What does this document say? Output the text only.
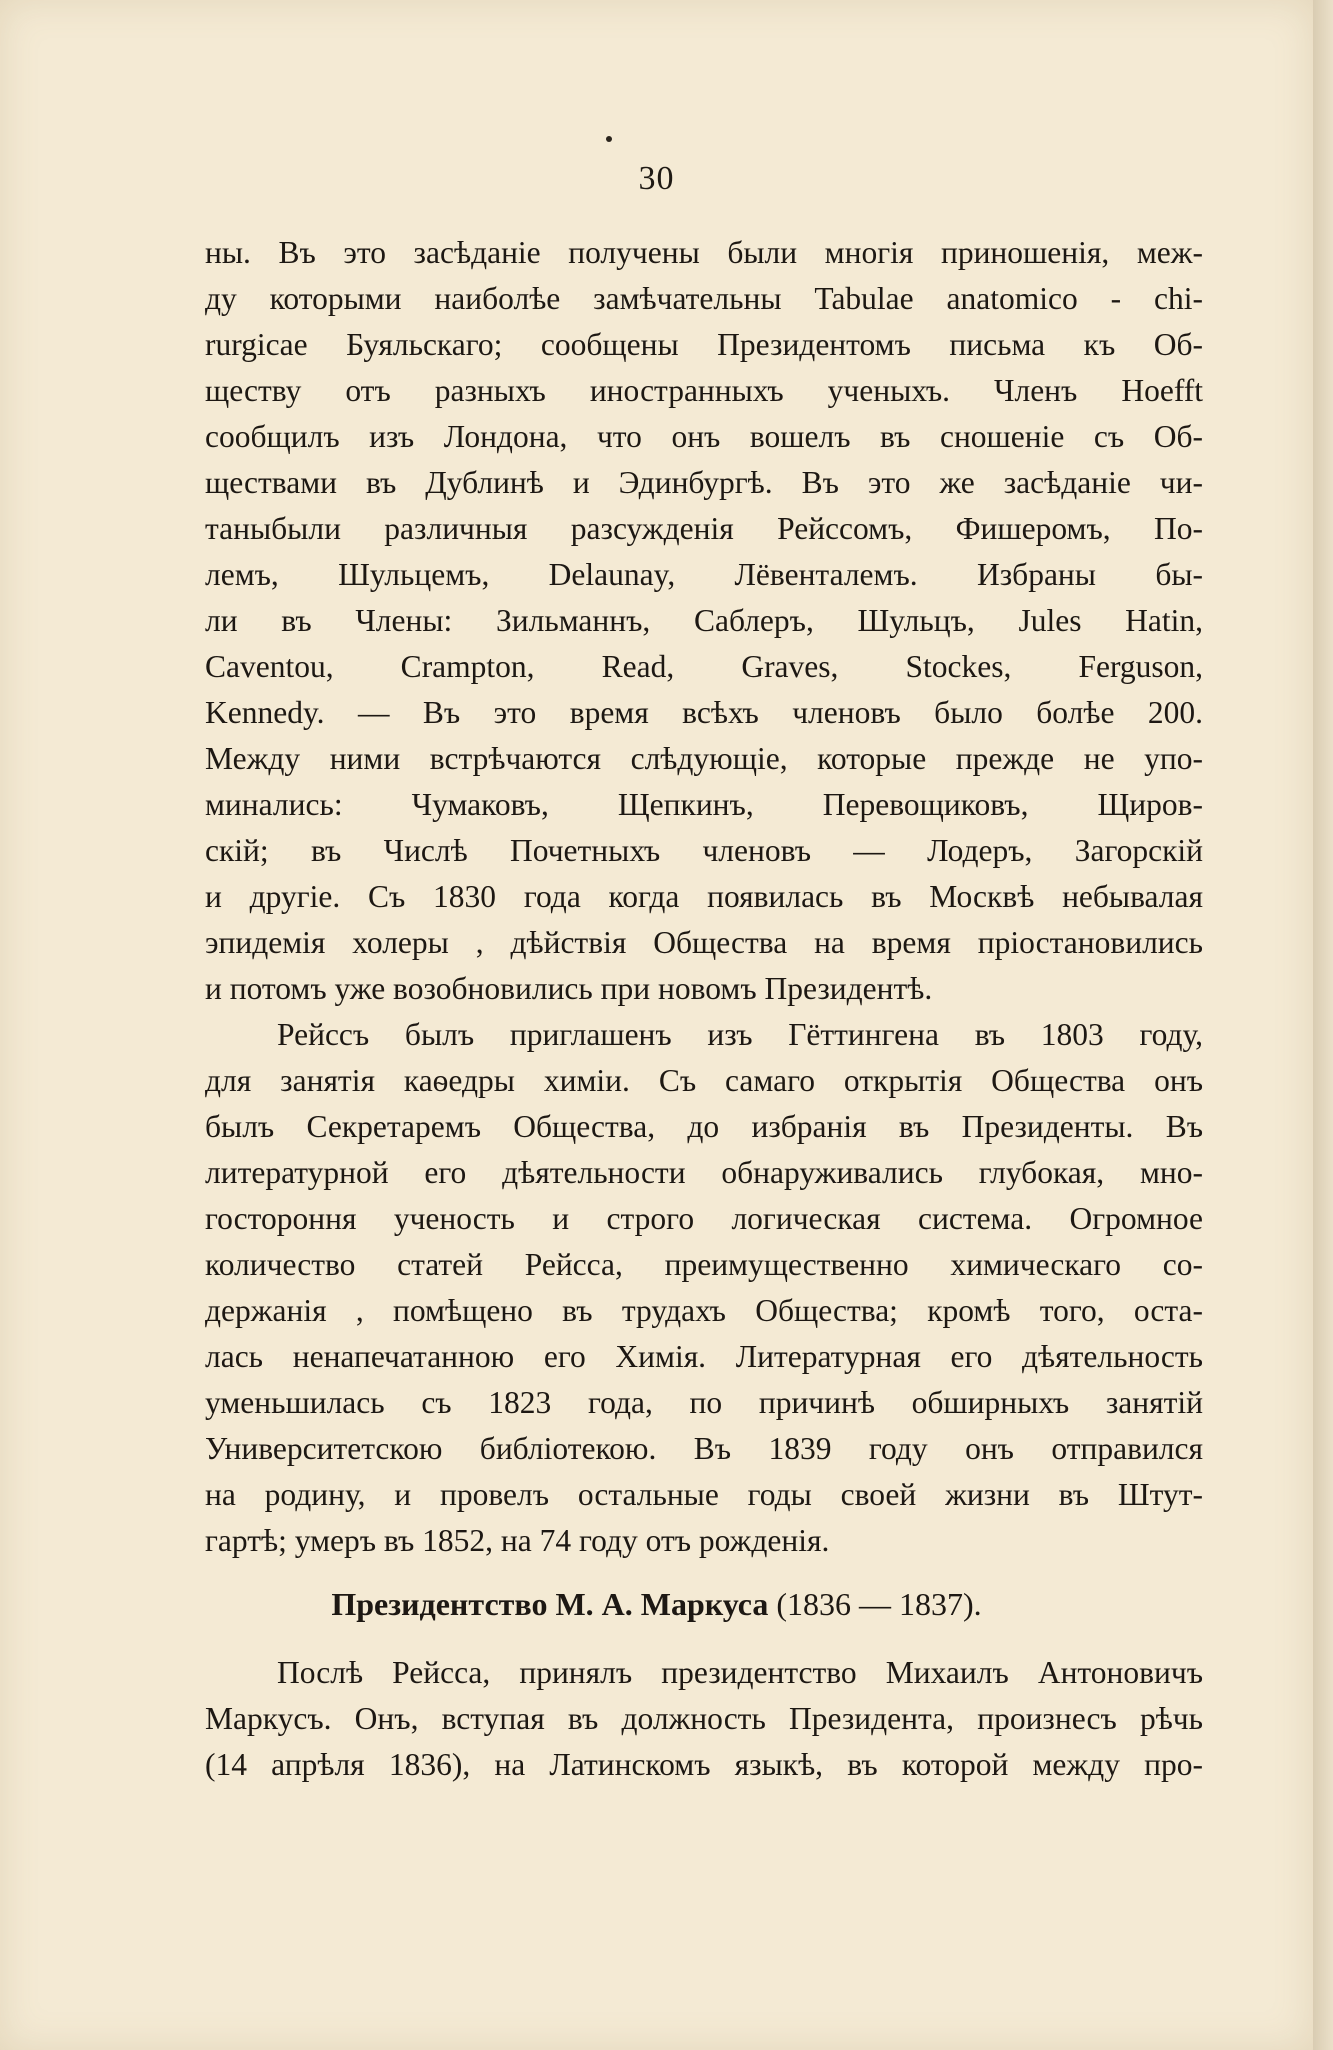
30
ны. Въ это засѣданіе получены были многія приношенія, меж-
ду которыми наиболѣе замѣчательны Tabulae anatomico - chi-
rurgicae Буяльскаго; сообщены Президентомъ письма къ Об-
ществу отъ разныхъ иностранныхъ ученыхъ. Членъ Hoefft
сообщилъ изъ Лондона, что онъ вошелъ въ сношеніе съ Об-
ществами въ Дублинѣ и Эдинбургѣ. Въ это же засѣданіе чи-
таныбыли различныя разсужденія Рейссомъ, Фишеромъ, По-
лемъ, Шульцемъ, Delaunay, Лёвенталемъ. Избраны бы-
ли въ Члены: Зильманнъ, Саблеръ, Шульцъ, Jules Hatin,
Caventou, Crampton, Read, Graves, Stockes, Ferguson,
Kennedy. — Въ это время всѣхъ членовъ было болѣе 200.
Между ними встрѣчаются слѣдующіе, которые прежде не упо-
минались: Чумаковъ, Щепкинъ, Перевощиковъ, Щиров-
скій; въ Числѣ Почетныхъ членовъ — Лодеръ, Загорскій
и другіе. Съ 1830 года когда появилась въ Москвѣ небывалая
эпидемія холеры , дѣйствія Общества на время пріостановились
и потомъ уже возобновились при новомъ Президентѣ.
Рейссъ былъ приглашенъ изъ Гёттингена въ 1803 году,
для занятія каѳедры химіи. Съ самаго открытія Общества онъ
былъ Секретаремъ Общества, до избранія въ Президенты. Въ
литературной его дѣятельности обнаруживались глубокая, мно-
гостороння ученость и строго логическая система. Огромное
количество статей Рейсса, преимущественно химическаго со-
держанія , помѣщено въ трудахъ Общества; кромѣ того, оста-
лась ненапечатанною его Химія. Литературная его дѣятельность
уменьшилась съ 1823 года, по причинѣ обширныхъ занятій
Университетскою библіотекою. Въ 1839 году онъ отправился
на родину, и провелъ остальные годы своей жизни въ Штут-
гартѣ; умеръ въ 1852, на 74 году отъ рожденія.
Президентство М. А. Маркуса (1836 — 1837).
Послѣ Рейсса, принялъ президентство Михаилъ Антоновичъ
Маркусъ. Онъ, вступая въ должность Президента, произнесъ рѣчь
(14 апрѣля 1836), на Латинскомъ языкѣ, въ которой между про-
